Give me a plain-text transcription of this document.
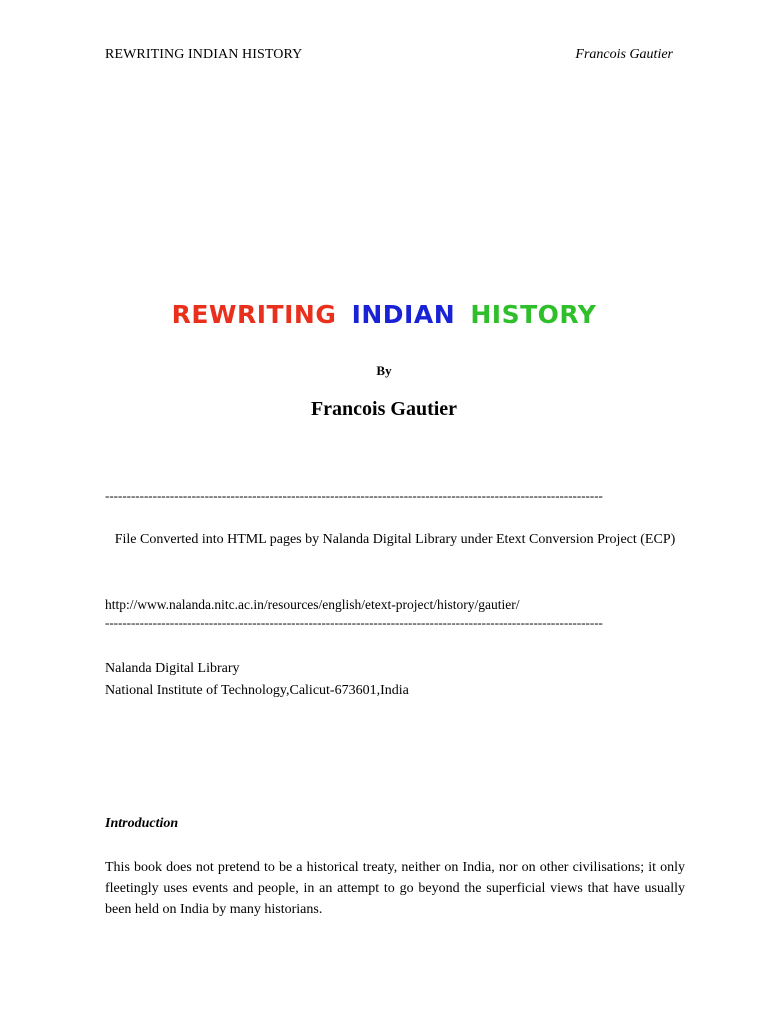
REWRITING INDIAN HISTORY	Francois Gautier
REWRITING INDIAN HISTORY
By
Francois Gautier
-------------------------------------------------------------------------------------------------------------------
File Converted into HTML pages by Nalanda Digital Library under Etext Conversion Project (ECP)
http://www.nalanda.nitc.ac.in/resources/english/etext-project/history/gautier/
-------------------------------------------------------------------------------------------------------------------
Nalanda Digital Library
National Institute of Technology,Calicut-673601,India
Introduction
This book does not pretend to be a historical treaty, neither on India, nor on other civilisations; it only fleetingly uses events and people, in an attempt to go beyond the superficial views that have usually been held on India by many historians.
